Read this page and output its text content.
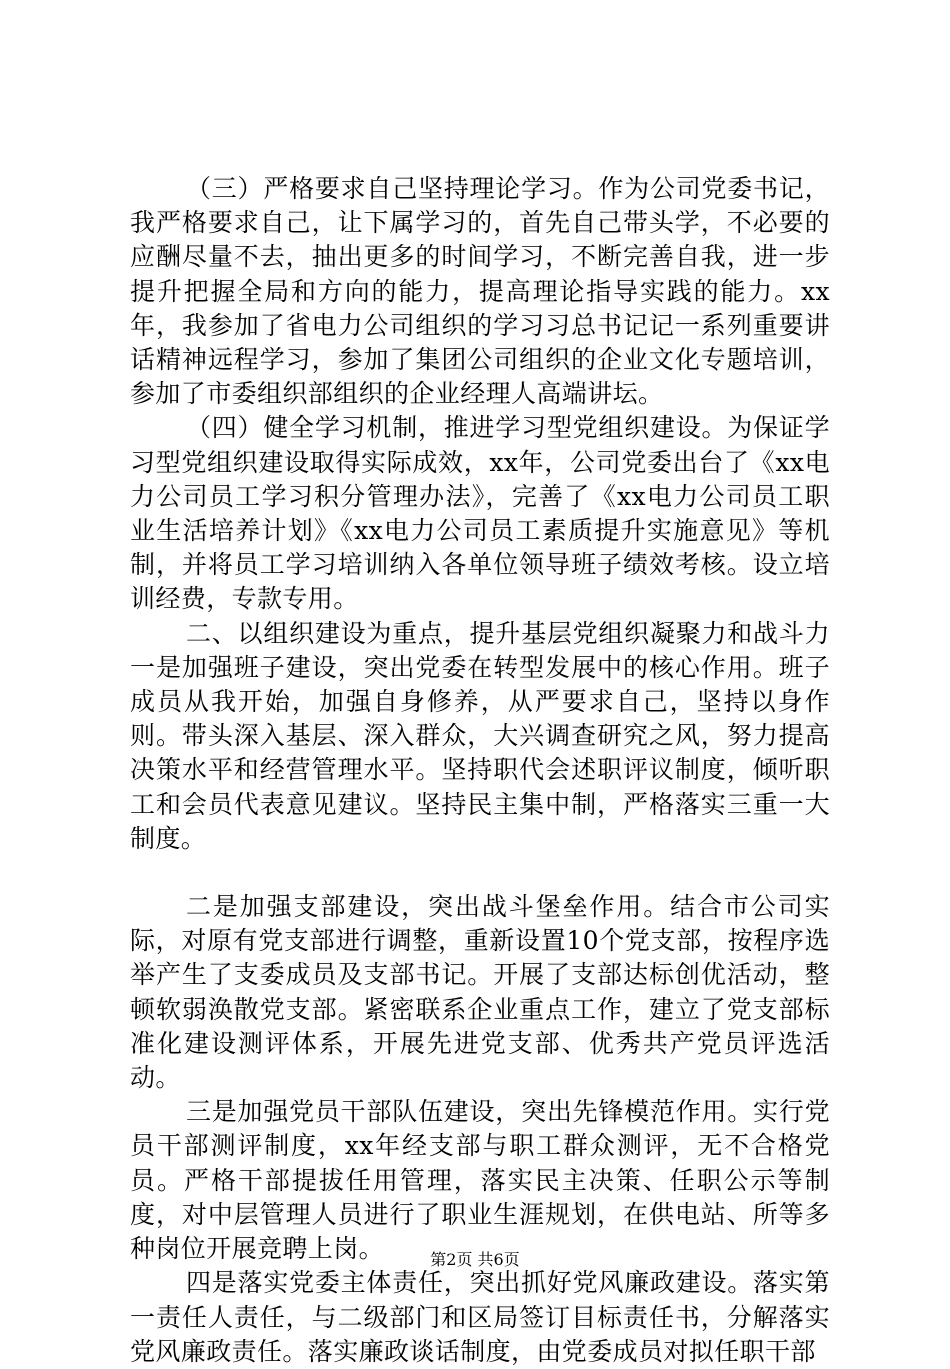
（三）严格要求自己坚持理论学习。作为公司党委书记，我严格要求自己，让下属学习的，首先自己带头学，不必要的应酬尽量不去，抽出更多的时间学习，不断完善自我，进一步提升把握全局和方向的能力，提高理论指导实践的能力。xx年，我参加了省电力公司组织的学习习总书记记一系列重要讲话精神远程学习，参加了集团公司组织的企业文化专题培训，参加了市委组织部组织的企业经理人高端讲坛。

（四）健全学习机制，推进学习型党组织建设。为保证学习型党组织建设取得实际成效，xx年，公司党委出台了《xx电力公司员工学习积分管理办法》，完善了《xx电力公司员工职业生活培养计划》《xx电力公司员工素质提升实施意见》等机制，并将员工学习培训纳入各单位领导班子绩效考核。设立培训经费，专款专用。

二、以组织建设为重点，提升基层党组织凝聚力和战斗力一是加强班子建设，突出党委在转型发展中的核心作用。班子成员从我开始，加强自身修养，从严要求自己，坚持以身作则。带头深入基层、深入群众，大兴调查研究之风，努力提高决策水平和经营管理水平。坚持职代会述职评议制度，倾听职工和会员代表意见建议。坚持民主集中制，严格落实三重一大制度。

二是加强支部建设，突出战斗堡垒作用。结合市公司实际，对原有党支部进行调整，重新设置10个党支部，按程序选举产生了支委成员及支部书记。开展了支部达标创优活动，整顿软弱涣散党支部。紧密联系企业重点工作，建立了党支部标准化建设测评体系，开展先进党支部、优秀共产党员评选活动。

三是加强党员干部队伍建设，突出先锋模范作用。实行党员干部测评制度，xx年经支部与职工群众测评，无不合格党员。严格干部提拔任用管理，落实民主决策、任职公示等制度，对中层管理人员进行了职业生涯规划，在供电站、所等多种岗位开展竞聘上岗。

四是落实党委主体责任，突出抓好党风廉政建设。落实第一责任人责任，与二级部门和区局签订目标责任书，分解落实党风廉政责任。落实廉政谈话制度，由党委成员对拟任职干部

第2页 共6页
